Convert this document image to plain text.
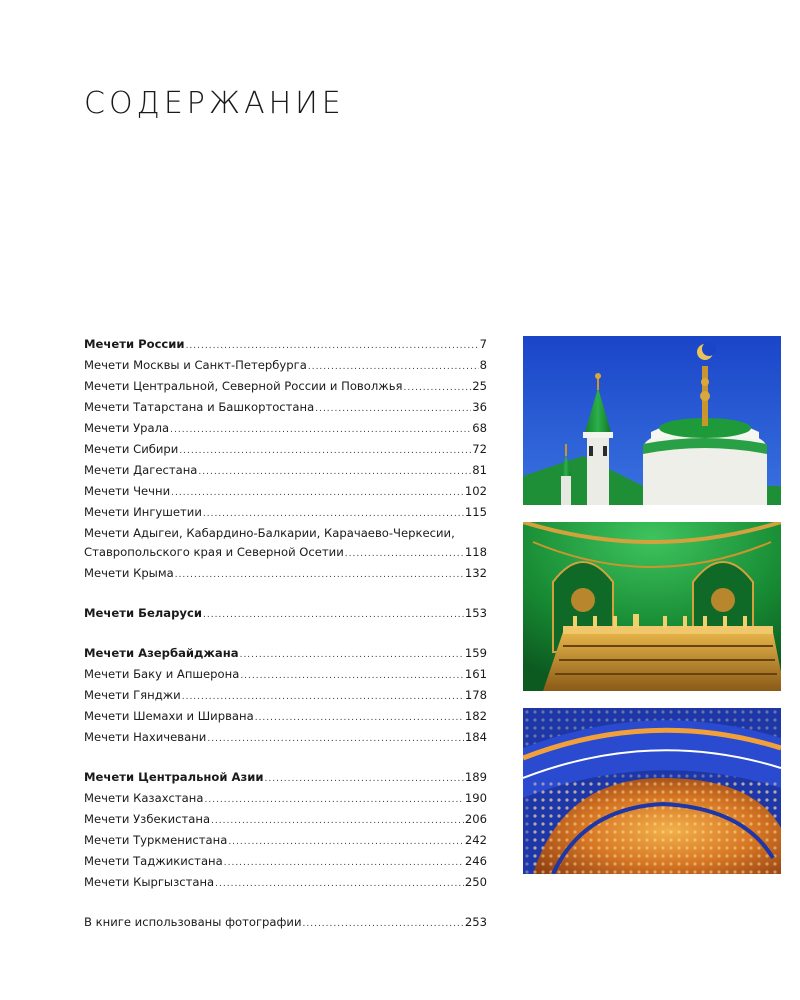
СОДЕРЖАНИЕ
Мечети России .....	7
Мечети Москвы и Санкт-Петербурга .....	8
Мечети Центральной, Северной России и Поволжья .....	25
Мечети Татарстана и Башкортостана .....	36
Мечети Урала .....	68
Мечети Сибири .....	72
Мечети Дагестана .....	81
Мечети Чечни .....	102
Мечети Ингушетии .....	115
Мечети Адыгеи, Кабардино-Балкарии, Карачаево-Черкесии,
Ставропольского края и Северной Осетии .....	118
Мечети Крыма .....	132
Мечети Беларуси .....	153
Мечети Азербайджана .....	159
Мечети Баку и Апшерона .....	161
Мечети Гянджи .....	178
Мечети Шемахи и Ширвана .....	182
Мечети Нахичевани .....	184
Мечети Центральной Азии .....	189
Мечети Казахстана .....	190
Мечети Узбекистана .....	206
Мечети Туркменистана .....	242
Мечети Таджикистана .....	246
Мечети Кыргызстана .....	250
В книге использованы фотографии .....	253
